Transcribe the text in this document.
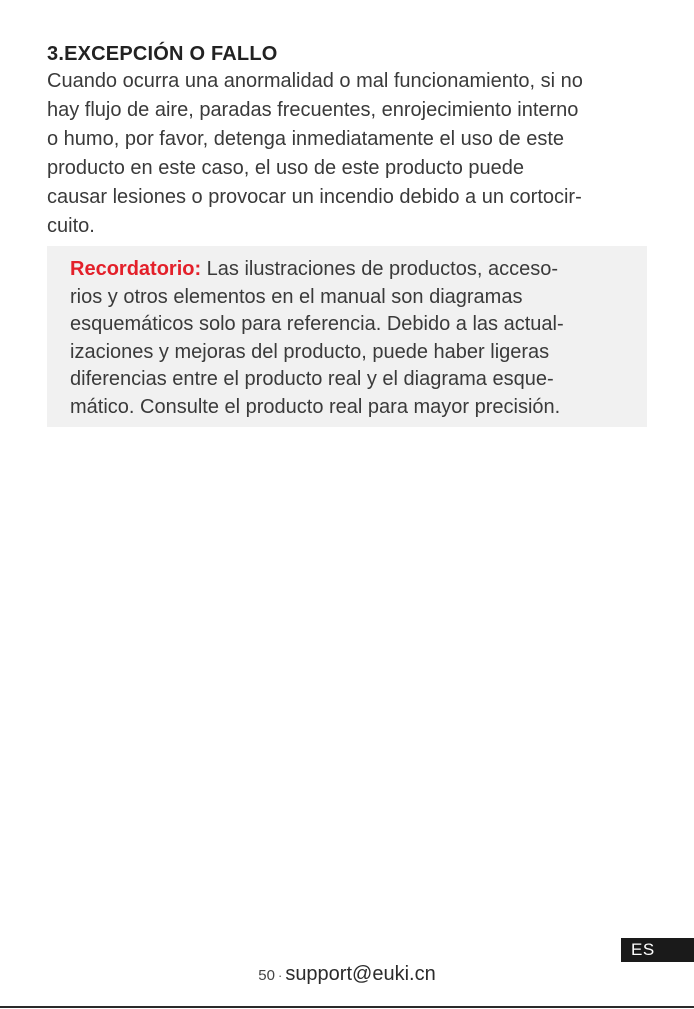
3.EXCEPCIÓN O FALLO
Cuando ocurra una anormalidad o mal funcionamiento, si no
hay flujo de aire, paradas frecuentes, enrojecimiento interno
o humo, por favor, detenga inmediatamente el uso de este
producto en este caso, el uso de este producto puede
causar lesiones o provocar un incendio debido a un cortocir-
cuito.
Recordatorio: Las ilustraciones de productos, acceso-
rios y otros elementos en el manual son diagramas
esquemáticos solo para referencia. Debido a las actual-
izaciones y mejoras del producto, puede haber ligeras
diferencias entre el producto real y el diagrama esque-
mático. Consulte el producto real para mayor precisión.
ES
50 · support@euki.cn
